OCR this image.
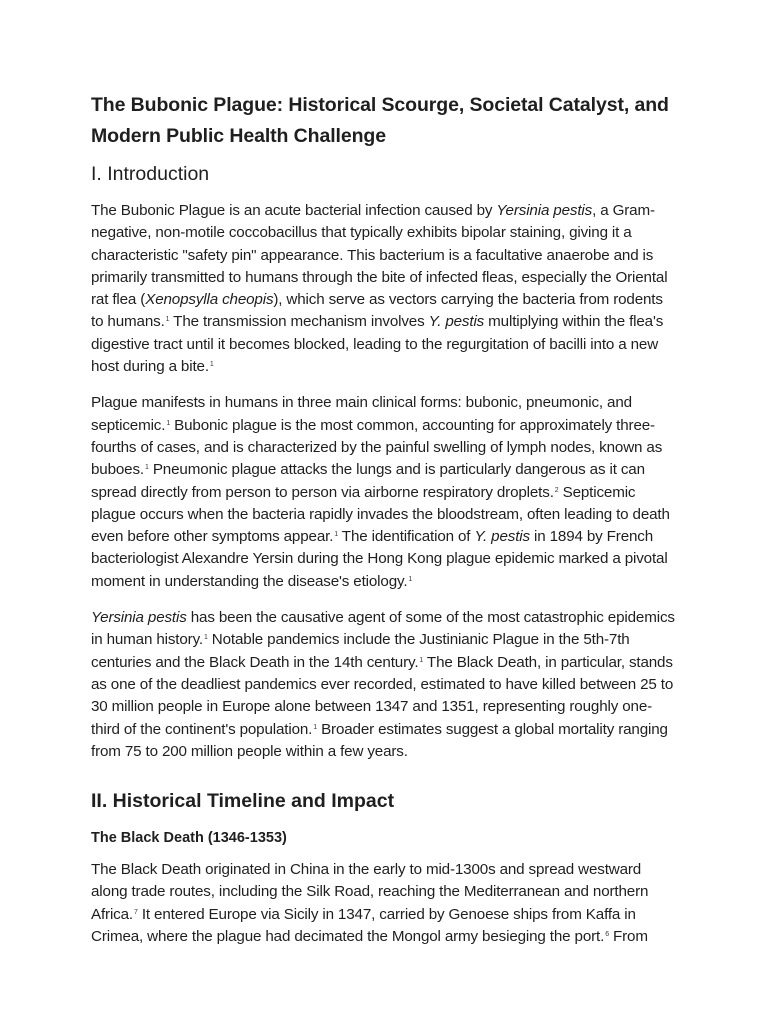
The Bubonic Plague: Historical Scourge, Societal Catalyst, and Modern Public Health Challenge
I. Introduction

The Bubonic Plague is an acute bacterial infection caused by Yersinia pestis, a Gram-negative, non-motile coccobacillus that typically exhibits bipolar staining, giving it a characteristic "safety pin" appearance. This bacterium is a facultative anaerobe and is primarily transmitted to humans through the bite of infected fleas, especially the Oriental rat flea (Xenopsylla cheopis), which serve as vectors carrying the bacteria from rodents to humans.$^1$ The transmission mechanism involves Y. pestis multiplying within the flea's digestive tract until it becomes blocked, leading to the regurgitation of bacilli into a new host during a bite.$^1$

Plague manifests in humans in three main clinical forms: bubonic, pneumonic, and septicemic.$^1$ Bubonic plague is the most common, accounting for approximately three-fourths of cases, and is characterized by the painful swelling of lymph nodes, known as buboes.$^1$ Pneumonic plague attacks the lungs and is particularly dangerous as it can spread directly from person to person via airborne respiratory droplets.$^2$ Septicemic plague occurs when the bacteria rapidly invades the bloodstream, often leading to death even before other symptoms appear.$^1$ The identification of Y. pestis in 1894 by French bacteriologist Alexandre Yersin during the Hong Kong plague epidemic marked a pivotal moment in understanding the disease's etiology.$^1$

Yersinia pestis has been the causative agent of some of the most catastrophic epidemics in human history.$^1$ Notable pandemics include the Justinianic Plague in the 5th-7th centuries and the Black Death in the 14th century.$^1$ The Black Death, in particular, stands as one of the deadliest pandemics ever recorded, estimated to have killed between 25 to 30 million people in Europe alone between 1347 and 1351, representing roughly one-third of the continent's population.$^1$ Broader estimates suggest a global mortality ranging from 75 to 200 million people within a few years.

II. Historical Timeline and Impact
The Black Death (1346-1353)

The Black Death originated in China in the early to mid-1300s and spread westward along trade routes, including the Silk Road, reaching the Mediterranean and northern Africa.$^7$ It entered Europe via Sicily in 1347, carried by Genoese ships from Kaffa in Crimea, where the plague had decimated the Mongol army besieging the port.$^6$ From
